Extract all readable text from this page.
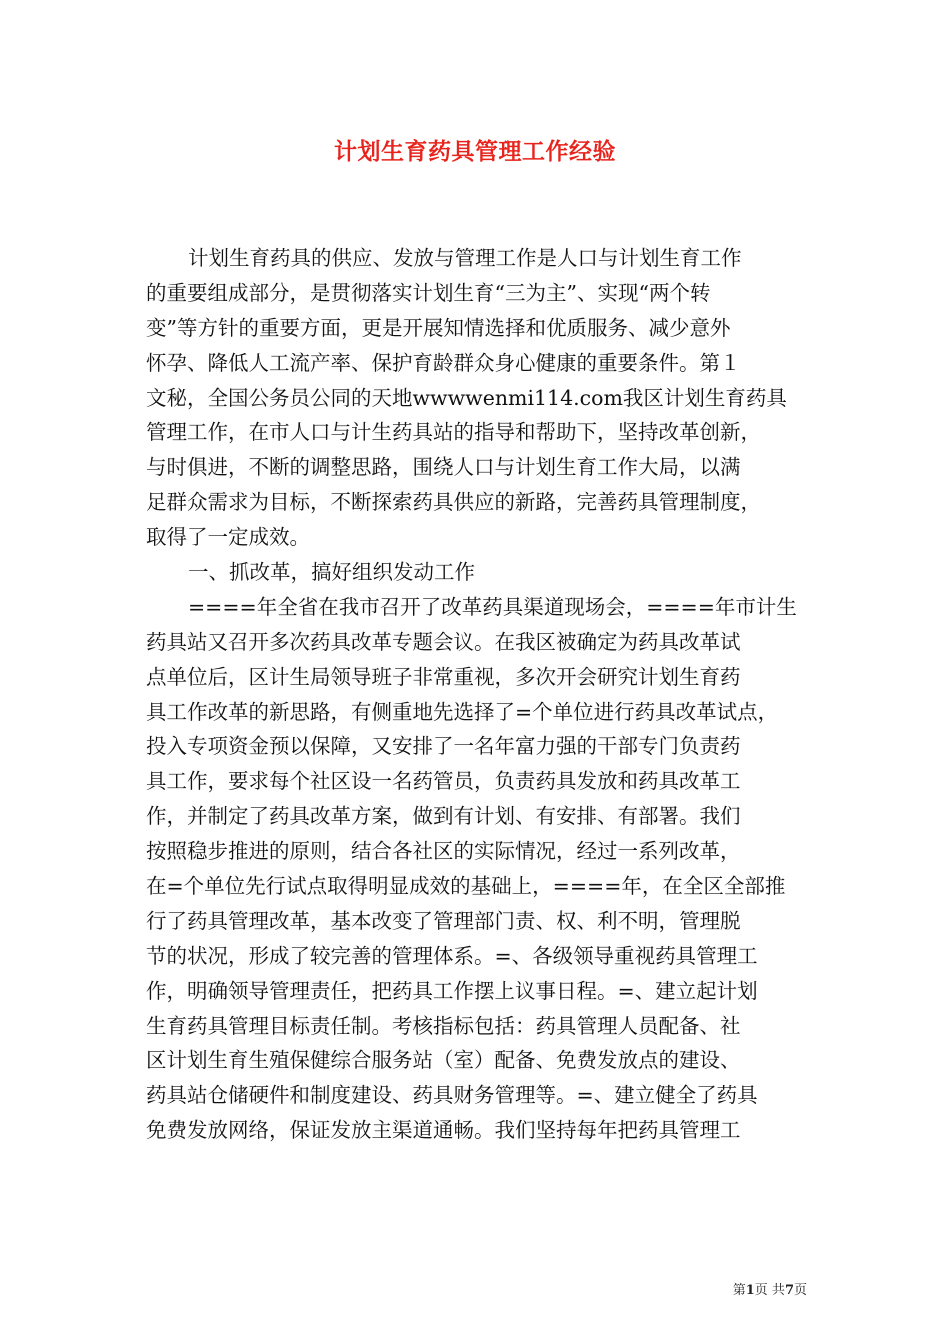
计划生育药具管理工作经验
计划生育药具的供应、发放与管理工作是人口与计划生育工作
的重要组成部分，是贯彻落实计划生育“三为主”、实现“两个转
变”等方针的重要方面，更是开展知情选择和优质服务、减少意外
怀孕、降低人工流产率、保护育龄群众身心健康的重要条件。第１
文秘，全国公务员公同的天地wwwwenmi114.com我区计划生育药具
管理工作，在市人口与计生药具站的指导和帮助下，坚持改革创新，
与时俱进，不断的调整思路，围绕人口与计划生育工作大局，以满
足群众需求为目标，不断探索药具供应的新路，完善药具管理制度，
取得了一定成效。
一、抓改革，搞好组织发动工作
====年全省在我市召开了改革药具渠道现场会，====年市计生
药具站又召开多次药具改革专题会议。在我区被确定为药具改革试
点单位后，区计生局领导班子非常重视，多次开会研究计划生育药
具工作改革的新思路，有侧重地先选择了=个单位进行药具改革试点，
投入专项资金预以保障，又安排了一名年富力强的干部专门负责药
具工作，要求每个社区设一名药管员，负责药具发放和药具改革工
作，并制定了药具改革方案，做到有计划、有安排、有部署。我们
按照稳步推进的原则，结合各社区的实际情况，经过一系列改革，
在=个单位先行试点取得明显成效的基础上，====年，在全区全部推
行了药具管理改革，基本改变了管理部门责、权、利不明，管理脱
节的状况，形成了较完善的管理体系。=、各级领导重视药具管理工
作，明确领导管理责任，把药具工作摆上议事日程。=、建立起计划
生育药具管理目标责任制。考核指标包括：药具管理人员配备、社
区计划生育生殖保健综合服务站（室）配备、免费发放点的建设、
药具站仓储硬件和制度建设、药具财务管理等。=、建立健全了药具
免费发放网络，保证发放主渠道通畅。我们坚持每年把药具管理工
第1页 共7页
